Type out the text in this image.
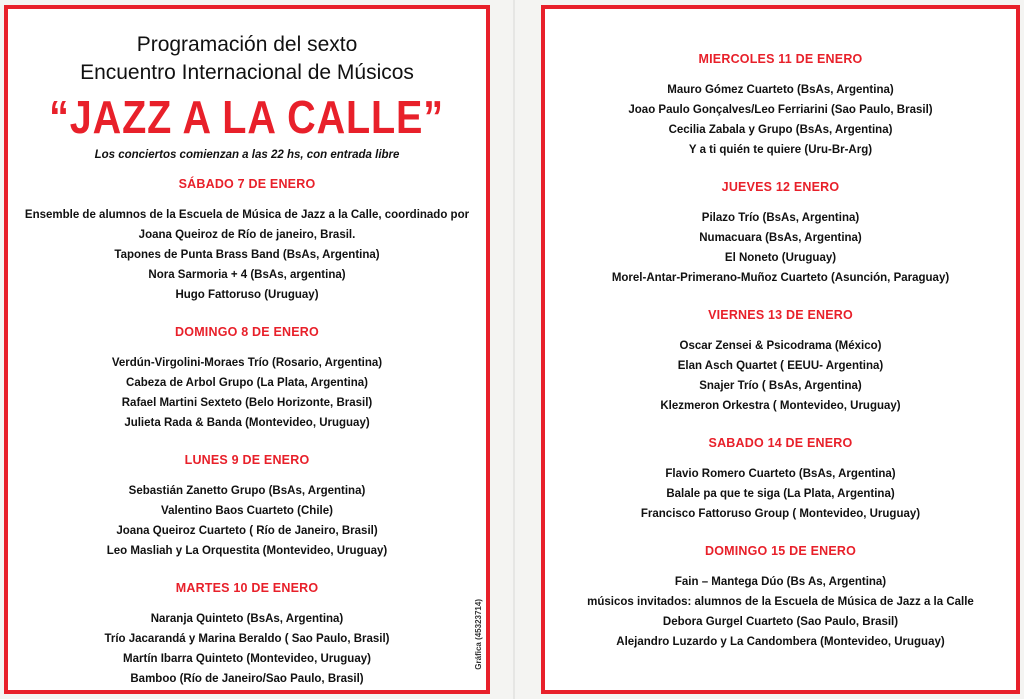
Programación del sexto
Encuentro Internacional de Músicos
“JAZZ A LA CALLE”
Los conciertos comienzan a las 22 hs, con entrada libre
SÁBADO 7 DE ENERO
Ensemble de alumnos de la Escuela de Música de Jazz a la Calle, coordinado por
Joana Queiroz de Río de janeiro, Brasil.
Tapones de Punta Brass Band (BsAs, Argentina)
Nora Sarmoria + 4 (BsAs, argentina)
Hugo Fattoruso (Uruguay)
DOMINGO 8 DE ENERO
Verdún-Virgolini-Moraes Trío (Rosario, Argentina)
Cabeza de Arbol Grupo (La Plata, Argentina)
Rafael Martini Sexteto (Belo Horizonte, Brasil)
Julieta Rada & Banda (Montevideo, Uruguay)
LUNES 9 DE ENERO
Sebastián Zanetto Grupo (BsAs, Argentina)
Valentino Baos Cuarteto (Chile)
Joana Queiroz Cuarteto ( Río de Janeiro, Brasil)
Leo Masliah y La Orquestita (Montevideo, Uruguay)
MARTES 10 DE ENERO
Naranja Quinteto (BsAs, Argentina)
Trío Jacarandá y Marina Beraldo ( Sao Paulo, Brasil)
Martín Ibarra Quinteto (Montevideo, Uruguay)
Bamboo (Río de Janeiro/Sao Paulo, Brasil)
Gráfica (45323714)
MIERCOLES 11 DE ENERO
Mauro Gómez Cuarteto (BsAs, Argentina)
Joao Paulo Gonçalves/Leo Ferriarini (Sao Paulo, Brasil)
Cecilia Zabala y Grupo (BsAs, Argentina)
Y a ti quién te quiere (Uru-Br-Arg)
JUEVES 12 ENERO
Pilazo Trío (BsAs, Argentina)
Numacuara (BsAs, Argentina)
El Noneto (Uruguay)
Morel-Antar-Primerano-Muñoz Cuarteto (Asunción, Paraguay)
VIERNES 13 DE ENERO
Oscar Zensei & Psicodrama (México)
Elan Asch Quartet ( EEUU- Argentina)
Snajer Trío ( BsAs, Argentina)
Klezmeron Orkestra ( Montevideo, Uruguay)
SABADO 14 DE ENERO
Flavio Romero Cuarteto (BsAs, Argentina)
Balale pa que te siga (La Plata, Argentina)
Francisco Fattoruso Group ( Montevideo, Uruguay)
DOMINGO 15 DE ENERO
Fain – Mantega Dúo (Bs As, Argentina)
músicos invitados: alumnos de la Escuela de Música de Jazz a la Calle
Debora Gurgel Cuarteto (Sao Paulo, Brasil)
Alejandro Luzardo y La Candombera (Montevideo, Uruguay)
